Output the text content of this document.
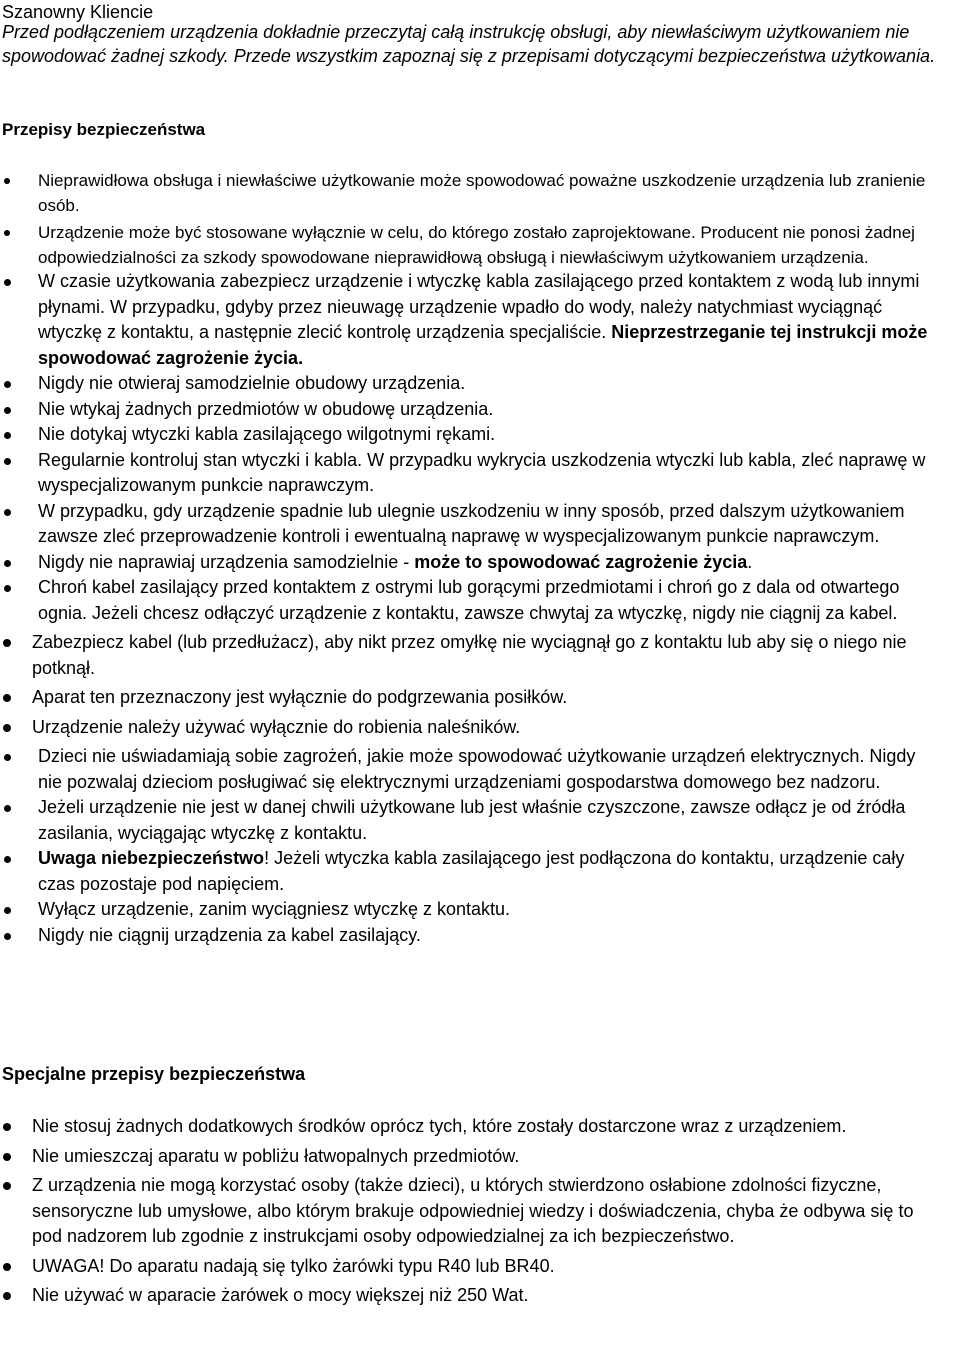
Szanowny Kliencie

Przed podłączeniem urządzenia dokładnie przeczytaj całą instrukcję obsługi, aby niewłaściwym użytkowaniem nie spowodować żadnej szkody. Przede wszystkim zapoznaj się z przepisami dotyczącymi bezpieczeństwa użytkowania.

Przepisy bezpieczeństwa
Nieprawidłowa obsługa i niewłaściwe użytkowanie może spowodować poważne uszkodzenie urządzenia lub zranienie osób.
Urządzenie może być stosowane wyłącznie w celu, do którego zostało zaprojektowane. Producent nie ponosi żadnej odpowiedzialności za szkody spowodowane nieprawidłową obsługą i niewłaściwym użytkowaniem urządzenia.
W czasie użytkowania zabezpiecz urządzenie i wtyczkę kabla zasilającego przed kontaktem z wodą lub innymi płynami. W przypadku, gdyby przez nieuwagę urządzenie wpadło do wody, należy natychmiast wyciągnąć wtyczkę z kontaktu, a następnie zlecić kontrolę urządzenia specjaliście. Nieprzestrzeganie tej instrukcji może spowodować zagrożenie życia.
Nigdy nie otwieraj samodzielnie obudowy urządzenia.
Nie wtykaj żadnych przedmiotów w obudowę urządzenia.
Nie dotykaj wtyczki kabla zasilającego wilgotnymi rękami.
Regularnie kontroluj stan wtyczki i kabla. W przypadku wykrycia uszkodzenia wtyczki lub kabla, zleć naprawę w wyspecjalizowanym punkcie naprawczym.
W przypadku, gdy urządzenie spadnie lub ulegnie uszkodzeniu w inny sposób, przed dalszym użytkowaniem zawsze zleć przeprowadzenie kontroli i ewentualną naprawę w wyspecjalizowanym punkcie naprawczym.
Nigdy nie naprawiaj urządzenia samodzielnie - może to spowodować zagrożenie życia.
Chroń kabel zasilający przed kontaktem z ostrymi lub gorącymi przedmiotami i chroń go z dala od otwartego ognia. Jeżeli chcesz odłączyć urządzenie z kontaktu, zawsze chwytaj za wtyczkę, nigdy nie ciągnij za kabel.
Zabezpiecz kabel (lub przedłużacz), aby nikt przez omyłkę nie wyciągnął go z kontaktu lub aby się o niego nie potknął.
Aparat ten przeznaczony jest wyłącznie do podgrzewania posiłków.
Urządzenie należy używać wyłącznie do robienia naleśników.
Dzieci nie uświadamiają sobie zagrożeń, jakie może spowodować użytkowanie urządzeń elektrycznych. Nigdy nie pozwalaj dzieciom posługiwać się elektrycznymi urządzeniami gospodarstwa domowego bez nadzoru.
Jeżeli urządzenie nie jest w danej chwili użytkowane lub jest właśnie czyszczone, zawsze odłącz je od źródła zasilania, wyciągając wtyczkę z kontaktu.
Uwaga niebezpieczeństwo! Jeżeli wtyczka kabla zasilającego jest podłączona do kontaktu, urządzenie cały czas pozostaje pod napięciem.
Wyłącz urządzenie, zanim wyciągniesz wtyczkę z kontaktu.
Nigdy nie ciągnij urządzenia za kabel zasilający.
Specjalne przepisy bezpieczeństwa
Nie stosuj żadnych dodatkowych środków oprócz tych, które zostały dostarczone wraz z urządzeniem.
Nie umieszczaj aparatu w pobliżu łatwopalnych przedmiotów.
Z urządzenia nie mogą korzystać osoby (także dzieci), u których stwierdzono osłabione zdolności fizyczne, sensoryczne lub umysłowe, albo którym brakuje odpowiedniej wiedzy i doświadczenia, chyba że odbywa się to pod nadzorem lub zgodnie z instrukcjami osoby odpowiedzialnej za ich bezpieczeństwo.
UWAGA! Do aparatu nadają się tylko żarówki typu R40 lub BR40.
Nie używać w aparacie żarówek o mocy większej niż 250 Wat.
